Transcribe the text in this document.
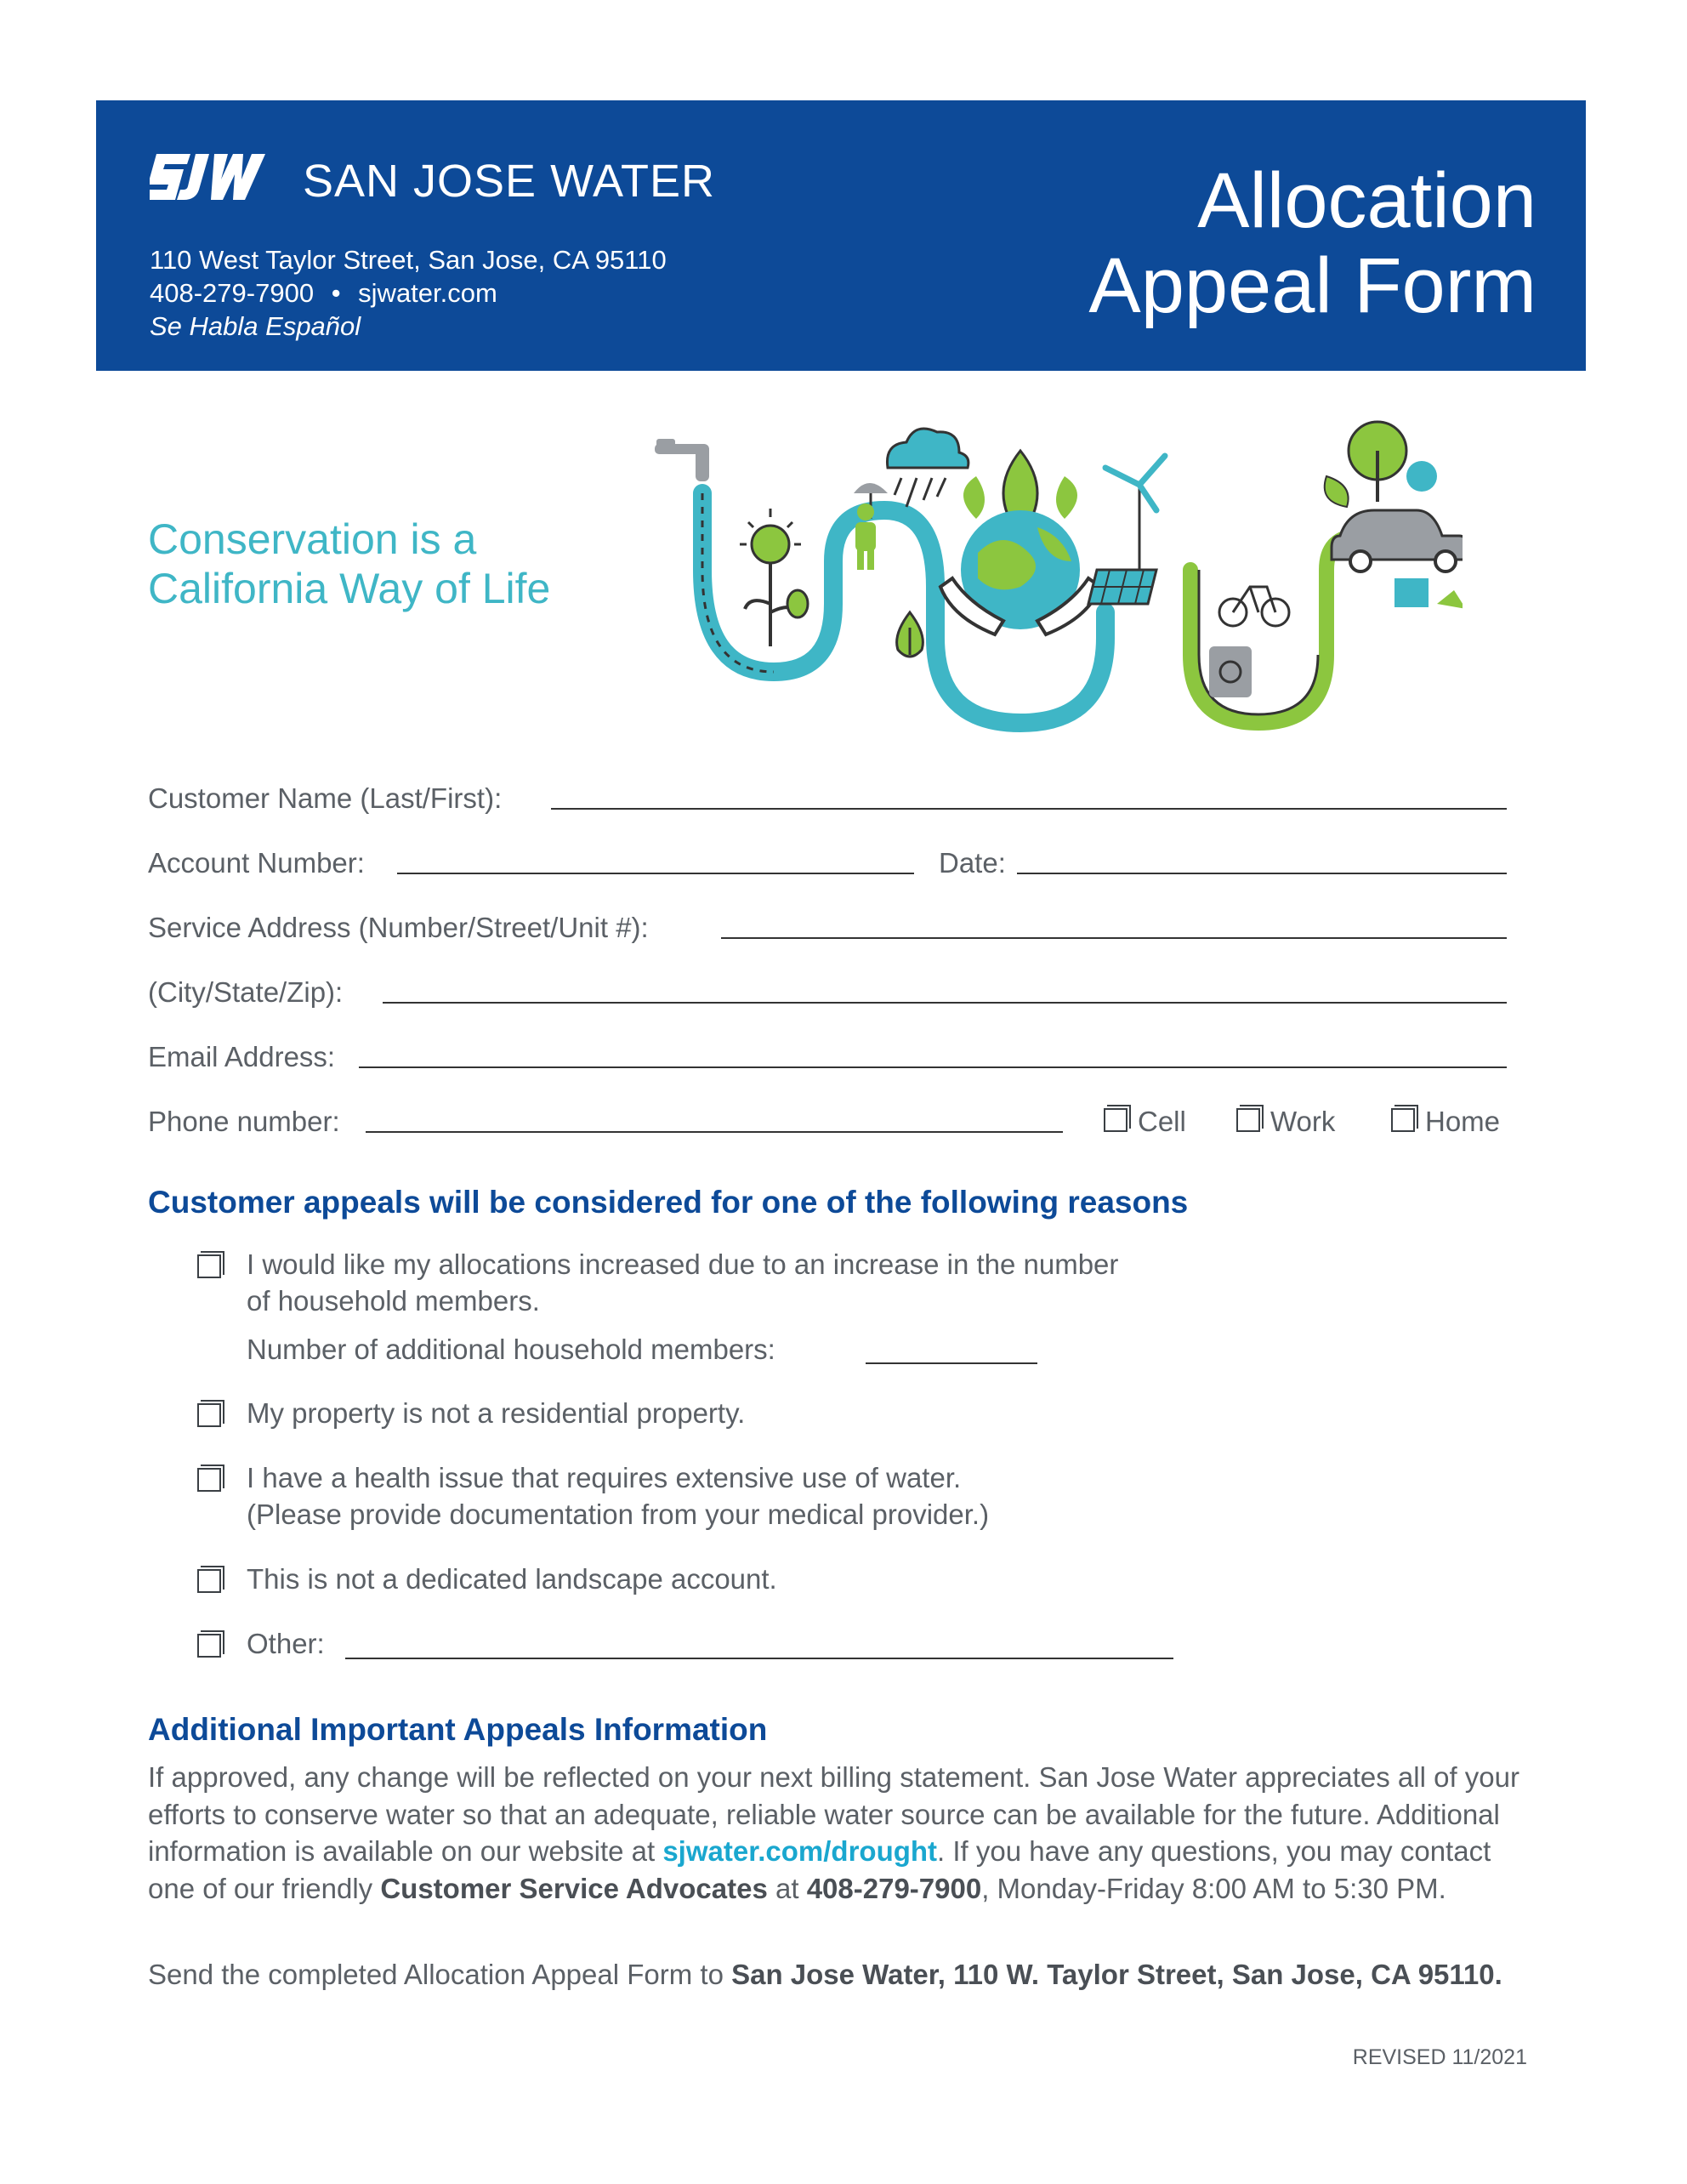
SAN JOSE WATER
110 West Taylor Street, San Jose, CA 95110
408-279-7900 • sjwater.com
Se Habla Español
Allocation
Appeal Form
Conservation is a
California Way of Life
Customer Name (Last/First):
Account Number:	Date:
Service Address (Number/Street/Unit #):
(City/State/Zip):
Email Address:
Phone number:	Cell	Work	Home
Customer appeals will be considered for one of the following reasons
I would like my allocations increased due to an increase in the number
of household members.
Number of additional household members:
My property is not a residential property.
I have a health issue that requires extensive use of water.
(Please provide documentation from your medical provider.)
This is not a dedicated landscape account.
Other:
Additional Important Appeals Information
If approved, any change will be reflected on your next billing statement. San Jose Water appreciates all of your efforts to conserve water so that an adequate, reliable water source can be available for the future. Additional information is available on our website at sjwater.com/drought. If you have any questions, you may contact one of our friendly Customer Service Advocates at 408-279-7900, Monday-Friday 8:00 AM to 5:30 PM.
Send the completed Allocation Appeal Form to San Jose Water, 110 W. Taylor Street, San Jose, CA 95110.
REVISED 11/2021
